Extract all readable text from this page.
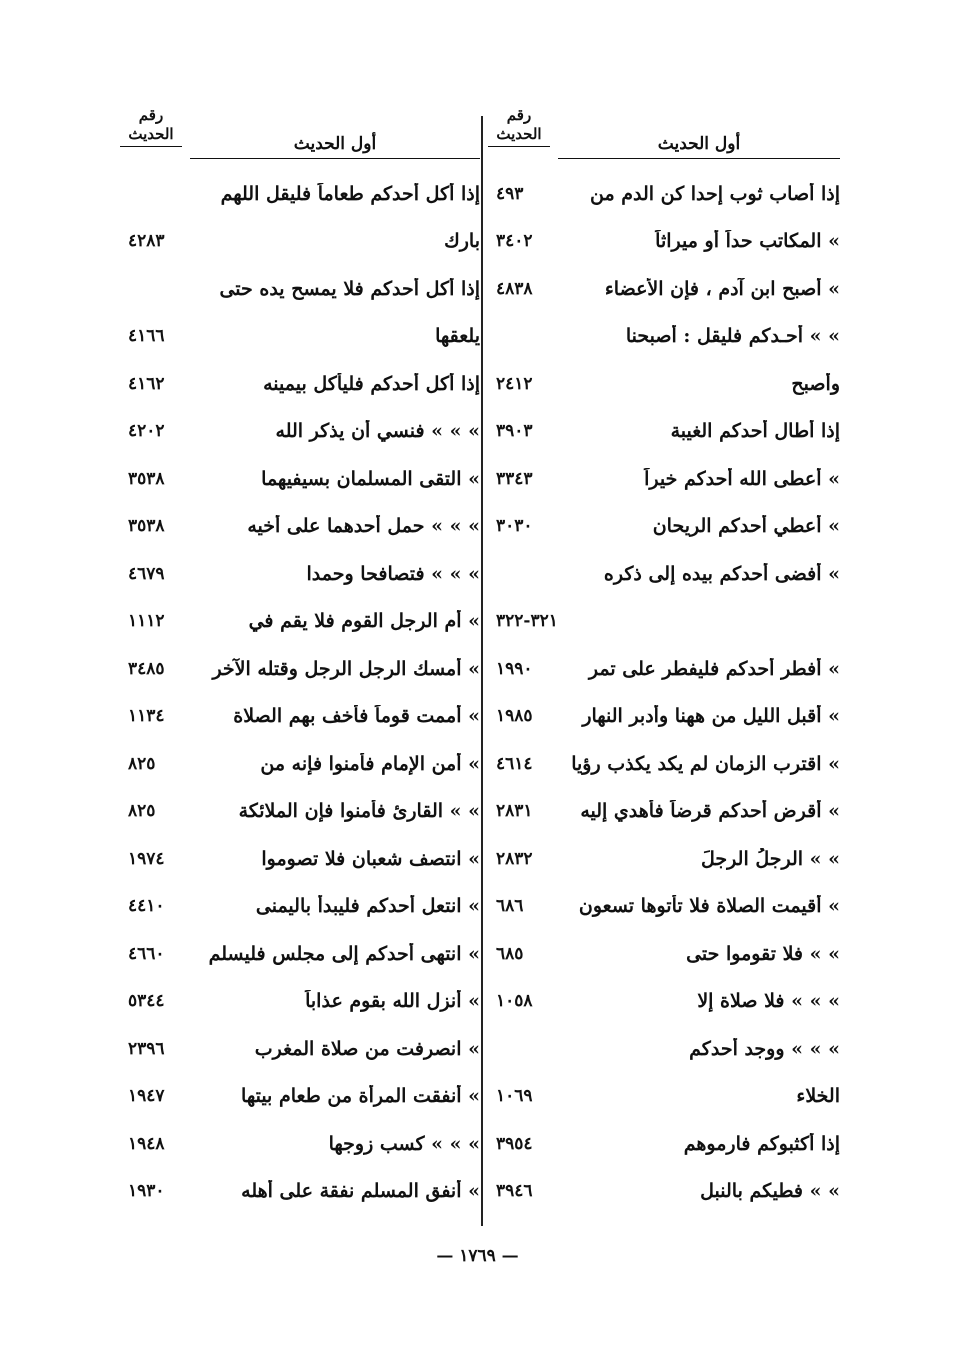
رقم
الحديث	أول الحديث
٤٩٣	إذا أصاب ثوب إحدا كن الدم من
٣٤٠٢	» المكاتب حداً أو ميراثاً
٤٨٣٨	» أصبح ابن آدم ، فإن الأعضاء
» » أحـدكم فليقل : أصبحنا
٢٤١٢	وأصبح
٣٩٠٣	إذا أطال أحدكم الغيبة
٣٣٤٣	» أعطى الله أحدكم خيراً
٣٠٣٠	» أعطي أحدكم الريحان
» أفضى أحدكم بيده إلى ذكره
٣٢١-٣٢٢
١٩٩٠	» أفطر أحدكم فليفطر على تمر
١٩٨٥	» أقبل الليل من ههنا وأدبر النهار
٤٦١٤	» اقترب الزمان لم يكد يكذب رؤيا
٢٨٣١	» أقرض أحدكم قرضاً فأهدي إليه
٢٨٣٢	» » الرجلُ الرجلَ
٦٨٦	» أقيمت الصلاة فلا تأتوها تسعون
٦٨٥	» » فلا تقوموا حتى
١٠٥٨	» » » فلا صلاة إلا
» » » ووجد أحدكم
١٠٦٩	الخلاء
٣٩٥٤	إذا أكثبوكم فارموهم
٣٩٤٦	» » فطيكم بالنبل
رقم
الحديث	أول الحديث
إذا أكل أحدكم طعاماً فليقل اللهم
٤٢٨٣	بارك
إذا أكل أحدكم فلا يمسح يده حتى
٤١٦٦	يلعقها
٤١٦٢	إذا أكل أحدكم فليأكل بيمينه
٤٢٠٢	» » » فنسي أن يذكر الله
٣٥٣٨	» التقى المسلمان بسيفيهما
٣٥٣٨	» » » حمل أحدهما على أخيه
٤٦٧٩	» » » فتصافحا وحمدا
١١١٢	» أم الرجل القوم فلا يقم في
٣٤٨٥	» أمسك الرجل الرجل وقتله الآخر
١١٣٤	» أممت قوماً فأخف بهم الصلاة
٨٢٥	» أمن الإمام فأمنوا فإنه من
٨٢٥	» » القارئ فأمنوا فإن الملائكة
١٩٧٤	» انتصف شعبان فلا تصوموا
٤٤١٠	» انتعل أحدكم فليبدأ باليمنى
٤٦٦٠	» انتهى أحدكم إلى مجلس فليسلم
٥٣٤٤	» أنزل الله بقوم عذاباً
٢٣٩٦	» انصرفت من صلاة المغرب
١٩٤٧	» أنفقت المرأة من طعام بيتها
١٩٤٨	» » » كسب زوجها
١٩٣٠	» أنفق المسلم نفقة على أهله
— ١٧٦٩ —
